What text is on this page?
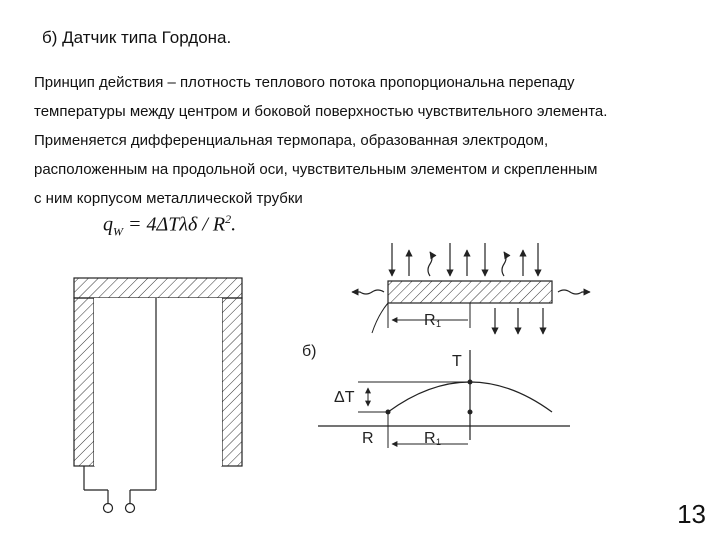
б) Датчик типа Гордона.
Принцип действия – плотность теплового потока пропорциональна перепаду
температуры между центром и боковой поверхностью чувствительного элемента.
Применяется дифференциальная термопара, образованная электродом,
расположенным на продольной оси, чувствительным элементом и скрепленным
с ним корпусом металлической трубки
$q_W = 4\Delta T\lambda\delta / R^2$.
R 1
б)
T
ΔT
R	R 1
13
